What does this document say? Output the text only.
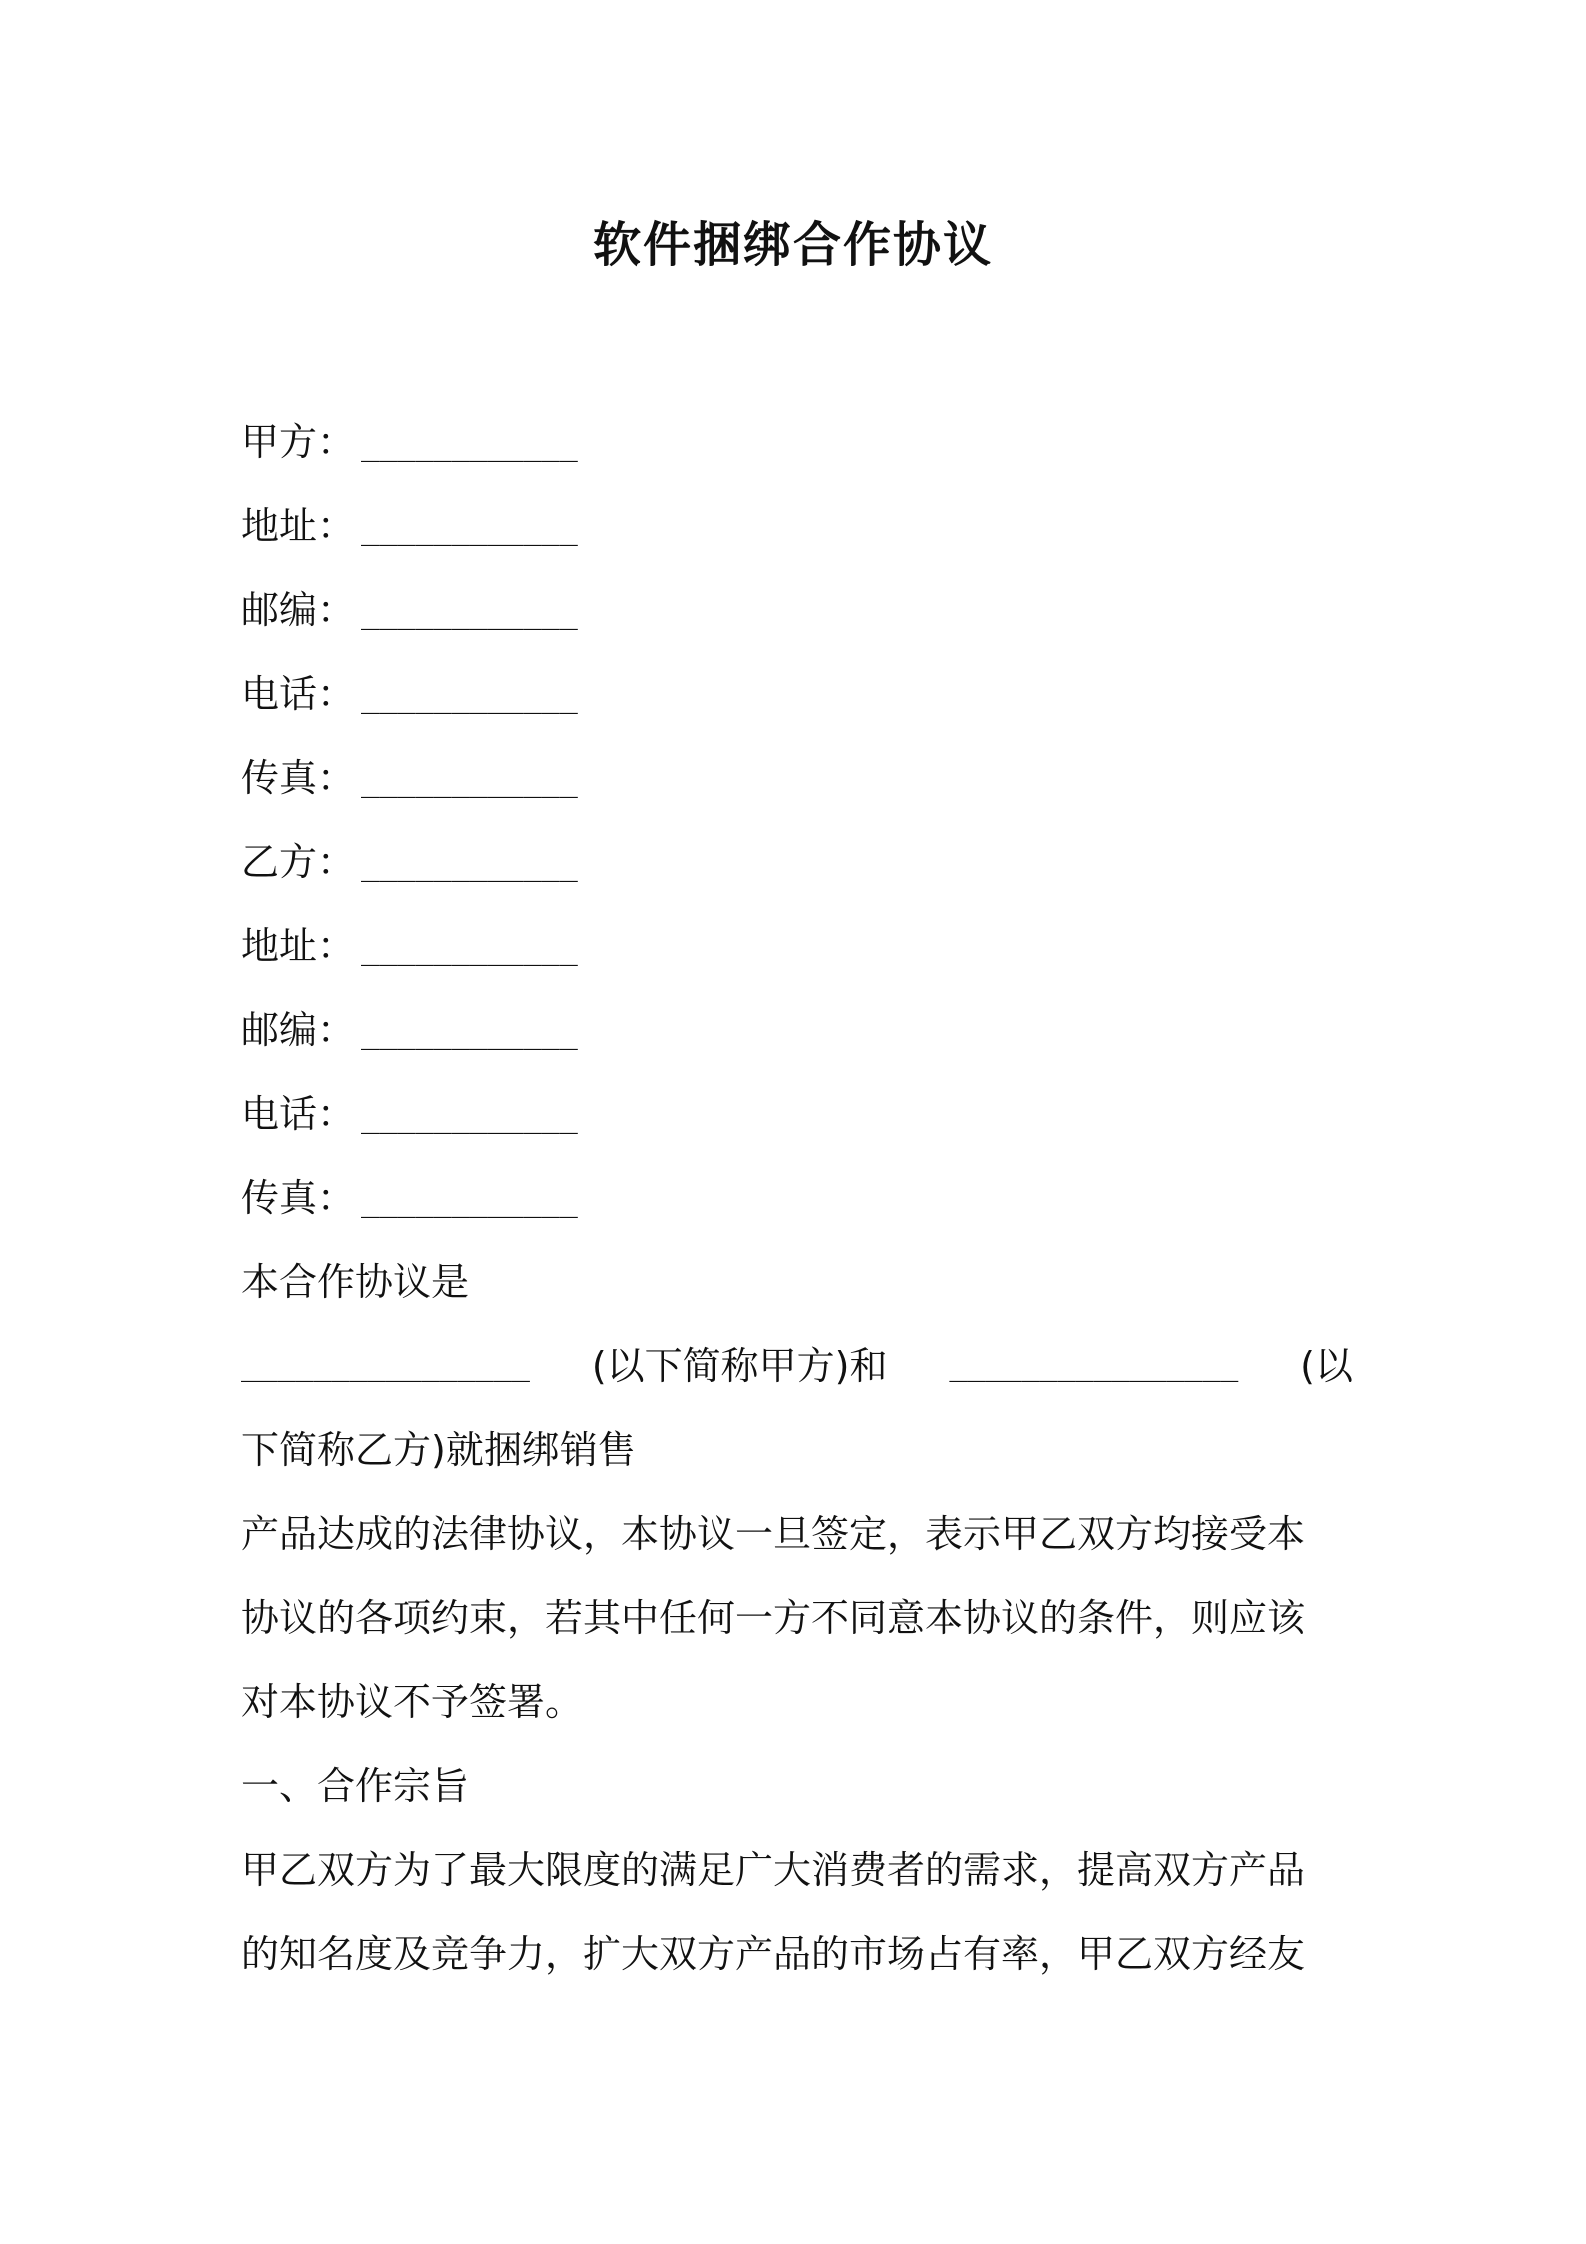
软件捆绑合作协议
甲方： ____________
地址： ____________
邮编： ____________
电话： ____________
传真： ____________
乙方： ____________
地址： ____________
邮编： ____________
电话： ____________
传真： ____________
本合作协议是
________________ (以下简称甲方)和 ________________ (以
下简称乙方)就捆绑销售
产品达成的法律协议，本协议一旦签定，表示甲乙双方均接受本
协议的各项约束，若其中任何一方不同意本协议的条件，则应该
对本协议不予签署。
一、合作宗旨
甲乙双方为了最大限度的满足广大消费者的需求，提高双方产品
的知名度及竞争力，扩大双方产品的市场占有率，甲乙双方经友
